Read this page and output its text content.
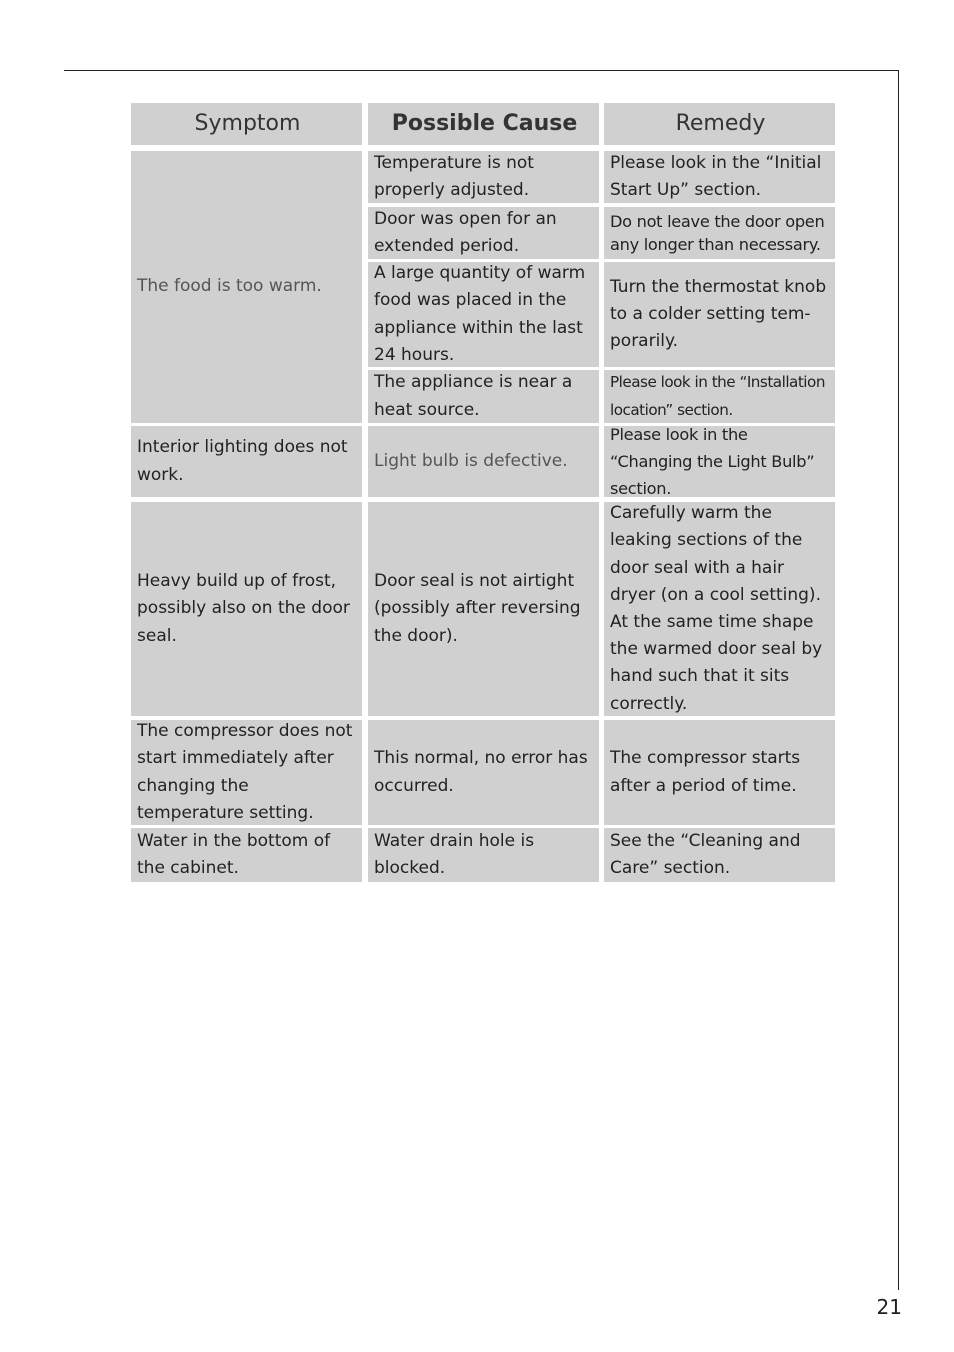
Symptom	Possible Cause	Remedy
The food is too warm.
Temperature is not properly adjusted.
Please look in the “Initial Start Up” section.
Door was open for an extended period.
Do not leave the door open any longer than necessary.
A large quantity of warm food was placed in the appliance within the last 24 hours.
Turn the thermostat knob to a colder setting tem-porarily.
The appliance is near a heat source.
Please look in the “Installation location” section.
Interior lighting does not work.
Light bulb is defective.
Please look in the “Changing the Light Bulb” section.
Heavy build up of frost, possibly also on the door seal.
Door seal is not airtight (possibly after reversing the door).
Carefully warm the leaking sections of the door seal with a hair dryer (on a cool setting). At the same time shape the warmed door seal by hand such that it sits correctly.
The compressor does not start immediately after changing the temperature setting.
This normal, no error has occurred.
The compressor starts after a period of time.
Water in the bottom of the cabinet.
Water drain hole is blocked.
See the “Cleaning and Care” section.
21
